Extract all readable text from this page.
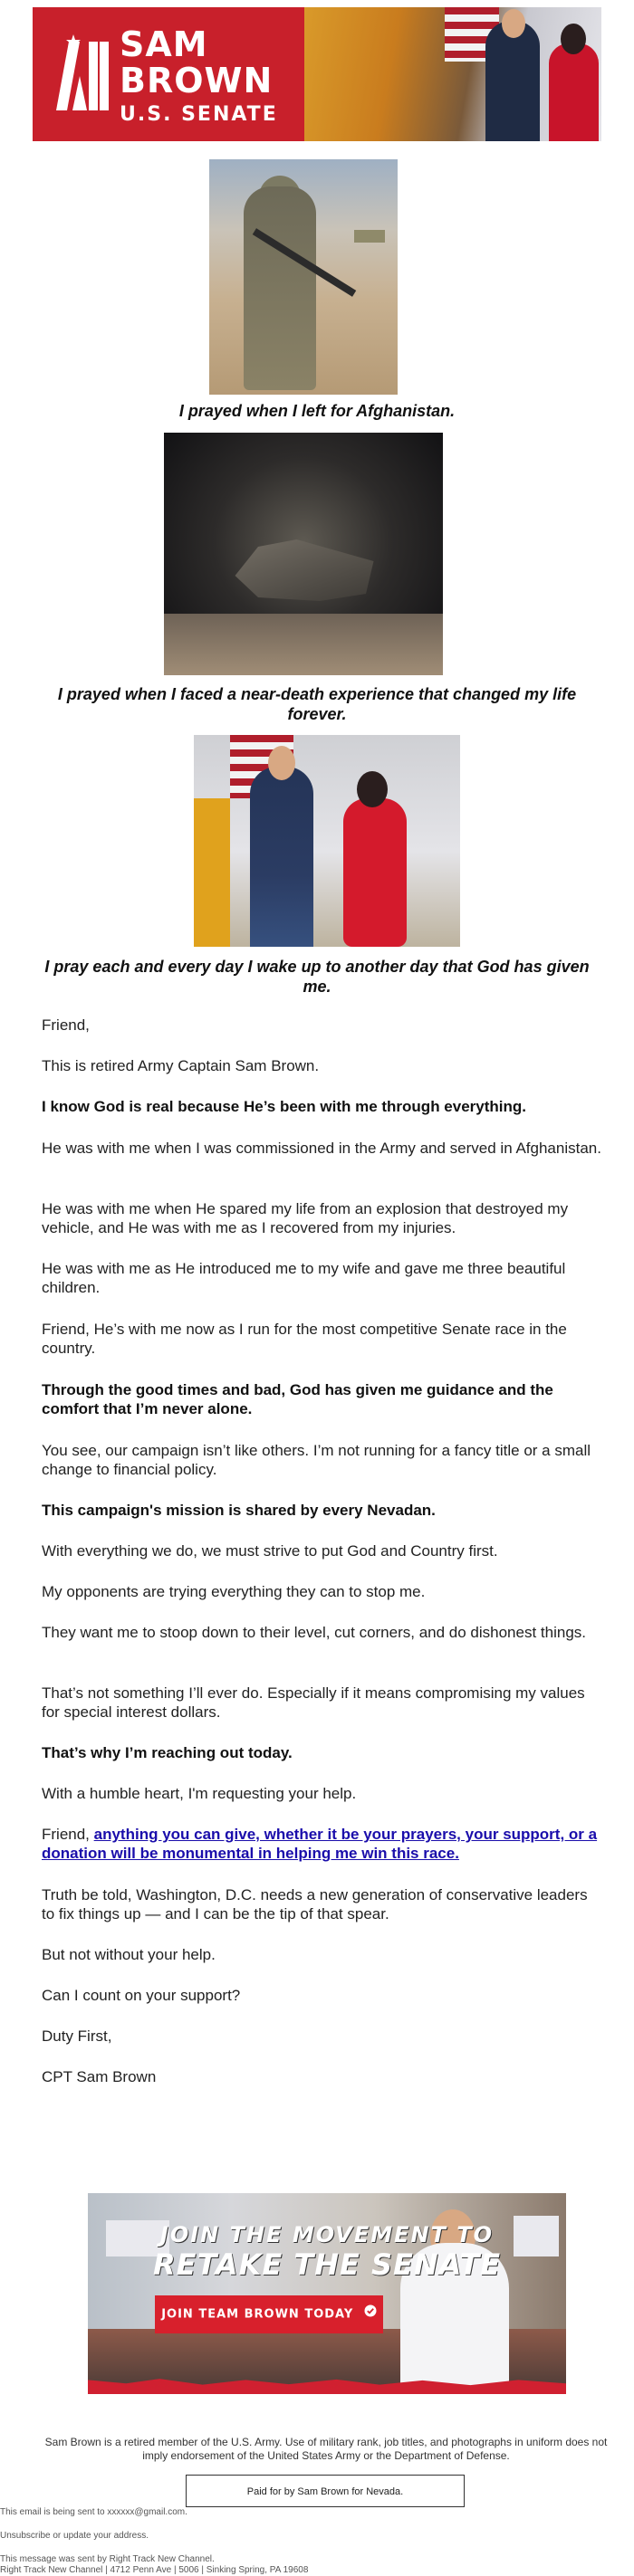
SAM
BROWN
U.S. SENATE
I prayed when I left for Afghanistan.
I prayed when I faced a near-death experience that changed my life forever.
I pray each and every day I wake up to another day that God has given me.

Friend,

This is retired Army Captain Sam Brown.

I know God is real because He’s been with me through everything.

He was with me when I was commissioned in the Army and served in Afghanistan.

He was with me when He spared my life from an explosion that destroyed my vehicle, and He was with me as I recovered from my injuries.

He was with me as He introduced me to my wife and gave me three beautiful children.

Friend, He’s with me now as I run for the most competitive Senate race in the country.

Through the good times and bad, God has given me guidance and the comfort that I’m never alone.

You see, our campaign isn’t like others. I’m not running for a fancy title or a small change to financial policy.

This campaign's mission is shared by every Nevadan.

With everything we do, we must strive to put God and Country first.

My opponents are trying everything they can to stop me.

They want me to stoop down to their level, cut corners, and do dishonest things.

That’s not something I’ll ever do. Especially if it means compromising my values for special interest dollars.

That’s why I’m reaching out today.

With a humble heart, I'm requesting your help.

Friend, anything you can give, whether it be your prayers, your support, or a donation will be monumental in helping me win this race.

Truth be told, Washington, D.C. needs a new generation of conservative leaders to fix things up — and I can be the tip of that spear.

But not without your help.

Can I count on your support?

Duty First,

CPT Sam Brown

JOIN THE MOVEMENT TO
RETAKE THE SENATE
JOIN TEAM BROWN TODAY
Sam Brown is a retired member of the U.S. Army. Use of military rank, job titles, and photographs in uniform does not imply endorsement of the United States Army or the Department of Defense.
Paid for by Sam Brown for Nevada.
This email is being sent to xxxxxx@gmail.com.
Unsubscribe or update your address.
This message was sent by Right Track New Channel.
Right Track New Channel | 4712 Penn Ave | 5006 | Sinking Spring, PA 19608
